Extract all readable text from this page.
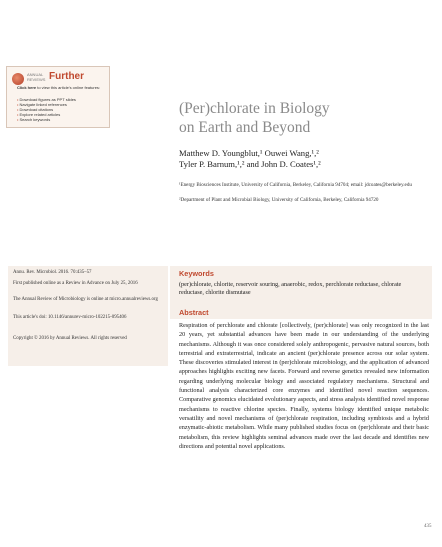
ANNUAL REVIEWS Further
Click here to view this article's online features:
• Download figures as PPT slides
• Navigate linked references
• Download citations
• Explore related articles
• Search keywords
(Per)chlorate in Biology
on Earth and Beyond

Matthew D. Youngblut,¹ Ouwei Wang,¹,²
Tyler P. Barnum,¹,² and John D. Coates¹,²

¹Energy Biosciences Institute, University of California, Berkeley, California 94704; email: jdcoates@berkeley.edu

²Department of Plant and Microbial Biology, University of California, Berkeley, California 94720

Annu. Rev. Microbiol. 2016. 70:435–57

First published online as a Review in Advance on July 25, 2016

The Annual Review of Microbiology is online at micro.annualreviews.org

This article's doi: 10.1146/annurev-micro-102215-095406

Copyright © 2016 by Annual Reviews. All rights reserved

Keywords

(per)chlorate, chlorite, reservoir souring, anaerobic, redox, perchlorate reductase, chlorate reductase, chlorite dismutase

Abstract

Respiration of perchlorate and chlorate [collectively, (per)chlorate] was only recognized in the last 20 years, yet substantial advances have been made in our understanding of the underlying mechanisms. Although it was once considered solely anthropogenic, pervasive natural sources, both terrestrial and extraterrestrial, indicate an ancient (per)chlorate presence across our solar system. These discoveries stimulated interest in (per)chlorate microbiology, and the application of advanced approaches highlights exciting new facets. Forward and reverse genetics revealed new information regarding underlying molecular biology and associated regulatory mechanisms. Structural and functional analysis characterized core enzymes and identified novel reaction sequences. Comparative genomics elucidated evolutionary aspects, and stress analysis identified novel response mechanisms to reactive chlorine species. Finally, systems biology identified unique metabolic versatility and novel mechanisms of (per)chlorate respiration, including symbiosis and a hybrid enzymatic-abiotic metabolism. While many published studies focus on (per)chlorate and their basic metabolism, this review highlights seminal advances made over the last decade and identifies new directions and potential novel applications.

435
